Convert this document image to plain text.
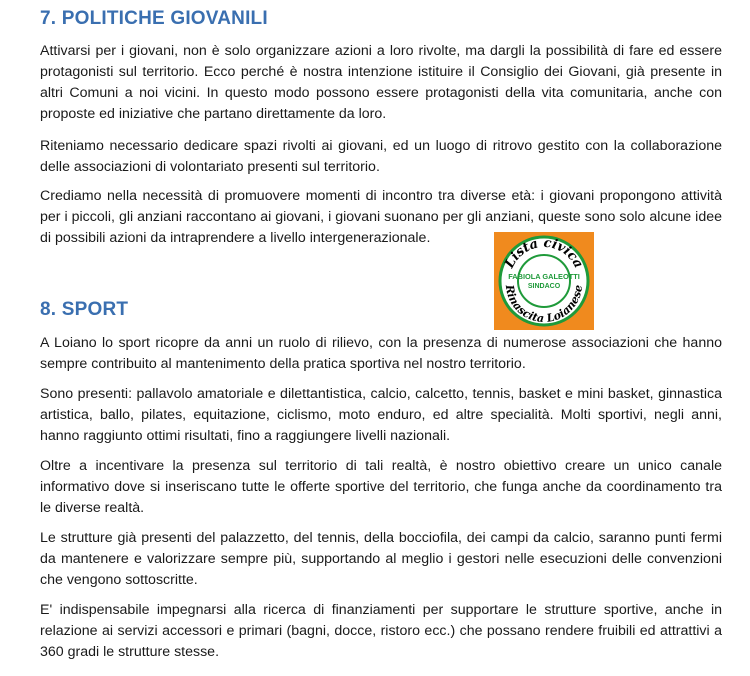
7. POLITICHE GIOVANILI

Attivarsi per i giovani, non è solo organizzare azioni a loro rivolte, ma dargli la possibilità di fare ed essere protagonisti sul territorio. Ecco perché è nostra intenzione istituire il Consiglio dei Giovani, già presente in altri Comuni a noi vicini. In questo modo possono essere protagonisti della vita comunitaria, anche con proposte ed iniziative che partano direttamente da loro.

Riteniamo necessario dedicare spazi rivolti ai giovani, ed un luogo di ritrovo gestito con la collaborazione delle associazioni di volontariato presenti sul territorio.

Crediamo nella necessità di promuovere momenti di incontro tra diverse età: i giovani propongono attività per i piccoli, gli anziani raccontano ai giovani, i giovani suonano per gli anziani, queste sono solo alcune idee di possibili azioni da intraprendere a livello intergenerazionale.

8. SPORT

A Loiano lo sport ricopre da anni un ruolo di rilievo, con la presenza di numerose associazioni che hanno sempre contribuito al mantenimento della pratica sportiva nel nostro territorio.

Sono presenti: pallavolo amatoriale e dilettantistica, calcio, calcetto, tennis, basket e mini basket, ginnastica artistica, ballo, pilates, equitazione, ciclismo, moto enduro, ed altre specialità. Molti sportivi, negli anni, hanno raggiunto ottimi risultati, fino a raggiungere livelli nazionali.

Oltre a incentivare la presenza sul territorio di tali realtà, è nostro obiettivo creare un unico canale informativo dove si inseriscano tutte le offerte sportive del territorio, che funga anche da coordinamento tra le diverse realtà.

Le strutture già presenti del palazzetto, del tennis, della bocciofila, dei campi da calcio, saranno punti fermi da mantenere e valorizzare sempre più, supportando al meglio i gestori nelle esecuzioni delle convenzioni che vengono sottoscritte.

E' indispensabile impegnarsi alla ricerca di finanziamenti per supportare le strutture sportive, anche in relazione ai servizi accessori e primari (bagni, docce, ristoro ecc.) che possano rendere fruibili ed attrattivi a 360 gradi le strutture stesse.

Lista civica
Rinascita Loianese
FABIOLA GALEOTTI
SINDACO
